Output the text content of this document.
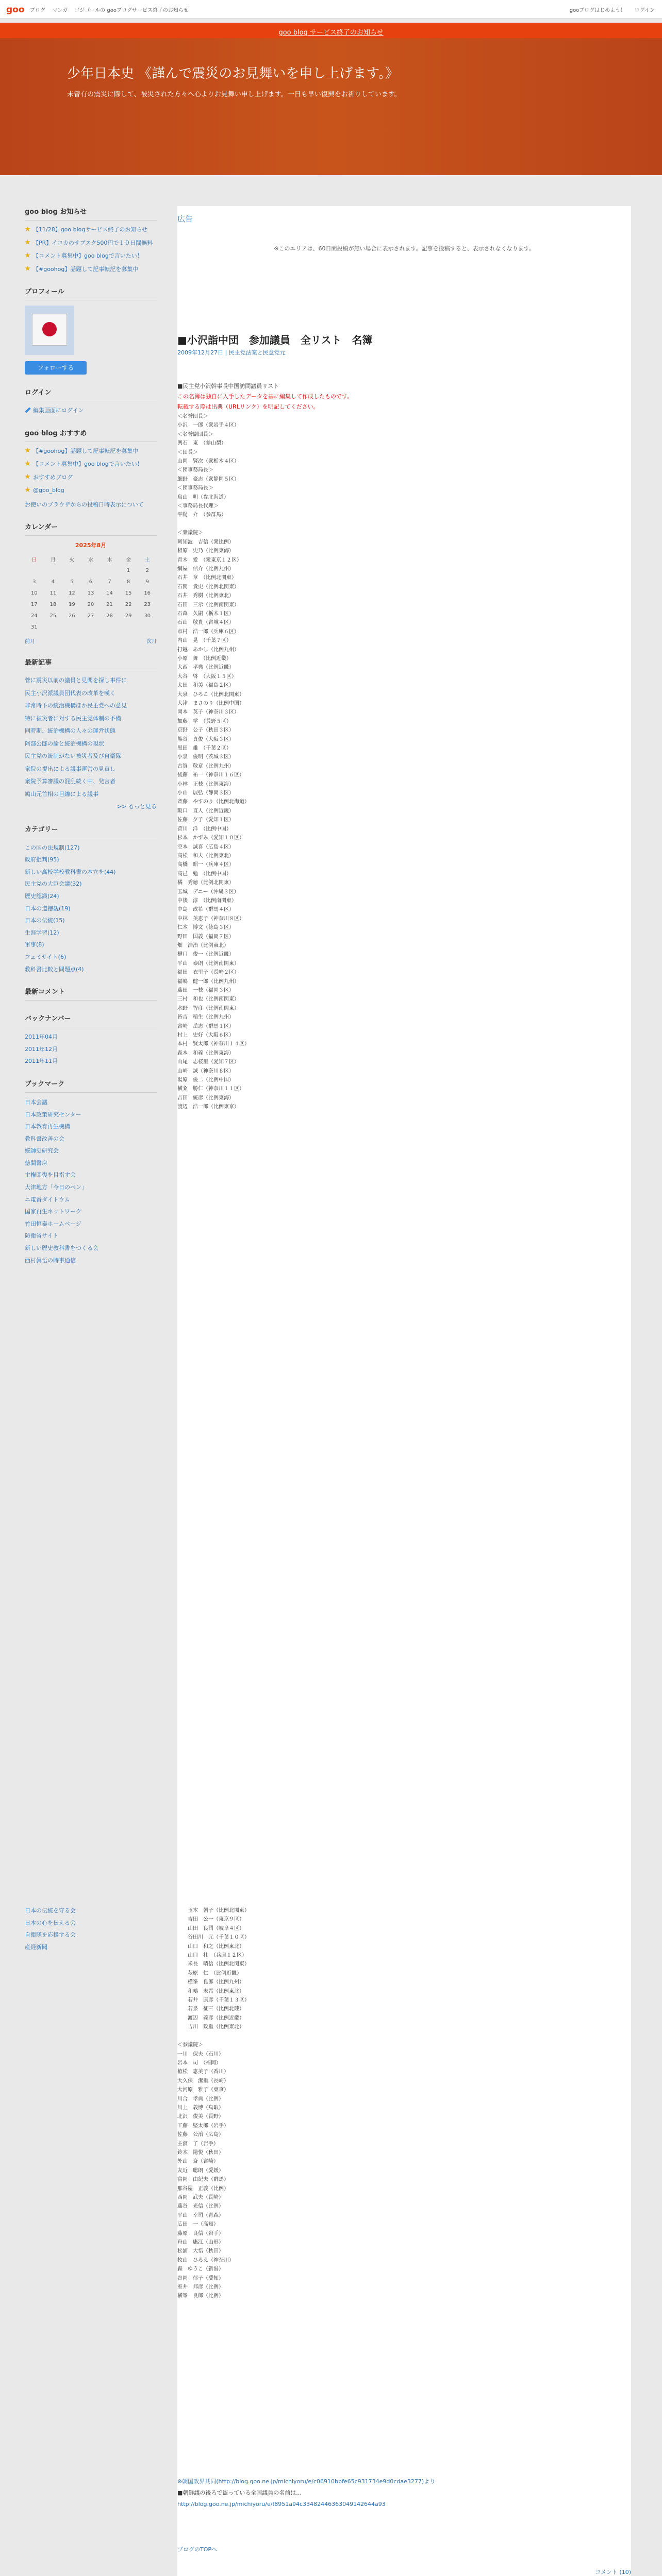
goo ブログ マンガ ゴジゴールの gooブログサービス終了のお知らせ	gooブログはじめよう！ ログイン
goo blog サービス終了のお知らせ
少年日本史 《謹んで震災のお見舞いを申し上げます。》
未曾有の震災に際して、被災された方々へ心よりお見舞い申し上げます。一日も早い復興をお祈りしています。
goo blog お知らせ
【11/28】goo blogサービス終了のお知らせ
【PR】イコカのサブスク500円で１０日間無料
【コメント募集中】goo blogで言いたい！
【#goohog】話題して記事転記を募集中
プロフィール
フォローする
ログイン
編集画面にログイン
goo blog おすすめ
【#goohog】話題して記事転記を募集中
【コメント募集中】goo blogで言いたい！
おすすめブログ
@goo_blog
お使いのブラウザからの投稿日時表示について
カレンダー
2025年8月
日	月	火	水	木	金	土
					1	2
3	4	5	6	7	8	9
10	11	12	13	14	15	16
17	18	19	20	21	22	23
24	25	26	27	28	29	30
31						
前月	次月
最新記事
菅に震災以前の議員と見聞を探し事件に
民主小沢派議員団代表の改革を嘆く
非常時下の統治機構ほか民主党への意見
特に被災者に対する民主党体制の不備
同時期、統治機構の人々の運営状態
阿部公邸の論と統治機構の現状
民主党の統制がない被災者及び自衛隊
衆院の提出による議事運営の見直し
衆院予算審議の混乱続く中、発言者
鳩山元首相の目線による議事
>> もっと見る
カテゴリー
この国の法規制(127)
政府批判(95)
新しい高校学校教科書の本立を(44)
民主党の大臣会議(32)
歴史認識(24)
日本の道徳観(19)
日本の伝統(15)
生涯学習(12)
軍事(8)
フェミサイト(6)
教科書比較と問題点(4)
最新コメント
バックナンバー
2011年04月
2011年12月
2011年11月
ブックマーク
日本会議
日本政策研究センター
日本教育再生機構
教科書改善の会
統帥史研究会
徳間書房
主権回復を目指す会
大津地方「今日のペン」
ニ電番ダイトウム
国家再生ネットワーク
竹田恒泰ホームページ
防衛省サイト
新しい歴史教科書をつくる会
西村眞悟の時事通信
広告
※このエリアは、60日間投稿が無い場合に表示されます。記事を投稿すると、表示されなくなります。
■小沢詣中団　参加議員　全リスト　名簿
2009年12月27日 | 民主党法案と民意党元
■民主党小沢幹事長中国訪問議員リスト
この名簿は独自に入手したデータを基に編集して作成したものです。
転載する際は出典（URLリンク）を明記してください。
＜名誉団長＞
小沢　一郎（衆岩手４区）
＜名誉副団長＞
輿石　東　（参山梨）
＜団長＞
山岡　賢次（衆栃木４区）
＜団事務局長＞
細野　豪志（衆静岡５区）
＜団事務局長＞
鳥山　明（参北海道）
＜事務局長代理＞
平陽　介　（参群馬）

＜衆議院＞
阿知波　吉信（衆比例）
相原　史乃（比例東海）
青木　愛　（衆東京１２区）
網屋　信介（比例九州）
石井　章　（比例北関東）
石関　貴史（比例北関東）
石井　秀樹（比例東北）
石田　三示（比例南関東）
石森　久嗣（栃木１区）
石山　敬貴（宮城４区）
市村　浩一郎（兵庫６区）
内山　晃　（千葉７区）
打越　あかし（比例九州）
小原　舞　（比例近畿）
大西　孝典（比例近畿）
大谷　啓　（大阪１５区）
太田　和美（福島２区）
大泉　ひろこ（比例北関東）
大津　まさのり（比例中国）
岡本　英子（神奈川３区）
加藤　学　（長野５区）
京野　公子（秋田３区）
熊谷　貞俊（大阪３区）
黒田　雄　（千葉２区）
小泉　俊明（茨城３区）
古賀　敬章（比例九州）
後藤　祐一（神奈川１６区）
小林　正枝（比例東海）
小山　展弘（静岡３区）
斉藤　やすのり（比例北海道）
阪口　直人（比例近畿）
佐藤　夕子（愛知１区）
菅川　洋　（比例中国）
杉本　かずみ（愛知１０区）
空本　誠喜（広島４区）
高松　和夫（比例東北）
高橋　昭一（兵庫４区）
高邑　勉　（比例中国）
橘　秀徳（比例北関東）
玉城　デニー（沖縄３区）
中後　淳　（比例南関東）
中島　政希（群馬４区）
中林　美恵子（神奈川８区）
仁木　博文（徳島３区）
野田　国義（福岡７区）
畑　浩治（比例東北）
樋口　俊一（比例近畿）
平山　泰朗（比例南関東）
福田　衣里子（長崎２区）
福嶋　健一郎（比例九州）
藤田　一枝（福岡３区）
三村　和也（比例南関東）
水野　智彦（比例南関東）
皆吉　稲生（比例九州）
宮崎　岳志（群馬１区）
村上　史好（大阪６区）
本村　賢太郎（神奈川１４区）
森本　和義（比例東海）
山尾　志桜里（愛知７区）
山崎　誠（神奈川８区）
湯原　俊二（比例中国）
横粂　勝仁（神奈川１１区）
吉田　統彦（比例東海）
渡辺　浩一郎（比例東京）
日本の伝統を守る会
日本の心を伝える会
自衛隊を応援する会
産経新聞
　　玉木　朝子（比例北関東）
　　吉田　公一（東京９区）
　　山田　良司（岐阜４区）
　　谷田川　元（千葉１０区）
　　山口　和之（比例東北）
　　山口　壮　（兵庫１２区）
　　米長　晴信（比例北関東）
　　萩原　仁　（比例近畿）
　　横峯　良郎（比例九州）
　　和嶋　未希（比例東北）
　　若井　康彦（千葉１３区）
　　若泉　征三（比例北陸）
　　渡辺　義彦（比例近畿）
　　吉川　政重（比例東北）

＜参議院＞
一川　保夫（石川）
岩本　司　（福岡）
植松　恵美子（香川）
大久保　潔重（長崎）
大河原　雅子（東京）
川合　孝典（比例）
川上　義博（鳥取）
北沢　俊美（長野）
工藤　堅太郎（岩手）
佐藤　公治（広島）
主濱　了（岩手）
鈴木　陽悦（秋田）
外山　斎（宮崎）
友近　聡朗（愛媛）
富岡　由紀夫（群馬）
那谷屋　正義（比例）
西岡　武夫（長崎）
藤谷　光信（比例）
平山　幸司（青森）
広田　一（高知）
藤原　良信（岩手）
舟山　康江（山形）
松浦　大悟（秋田）
牧山　ひろえ（神奈川）
森　ゆうこ（新潟）
谷岡　郁子（愛知）
室井　邦彦（比例）
横峯　良郎（比例）
※朝国政界共同(http://blog.goo.ne.jp/michiyoru/e/c06910bbfe65c931734e9d0cdae3277)より
■朝鮮議の後ろで盗っている全国議員の名前は...
http://blog.goo.ne.jp/michiyoru/e/f8951a94c33482446363049142644a93
ブログのTOPへ
コメント (10)
